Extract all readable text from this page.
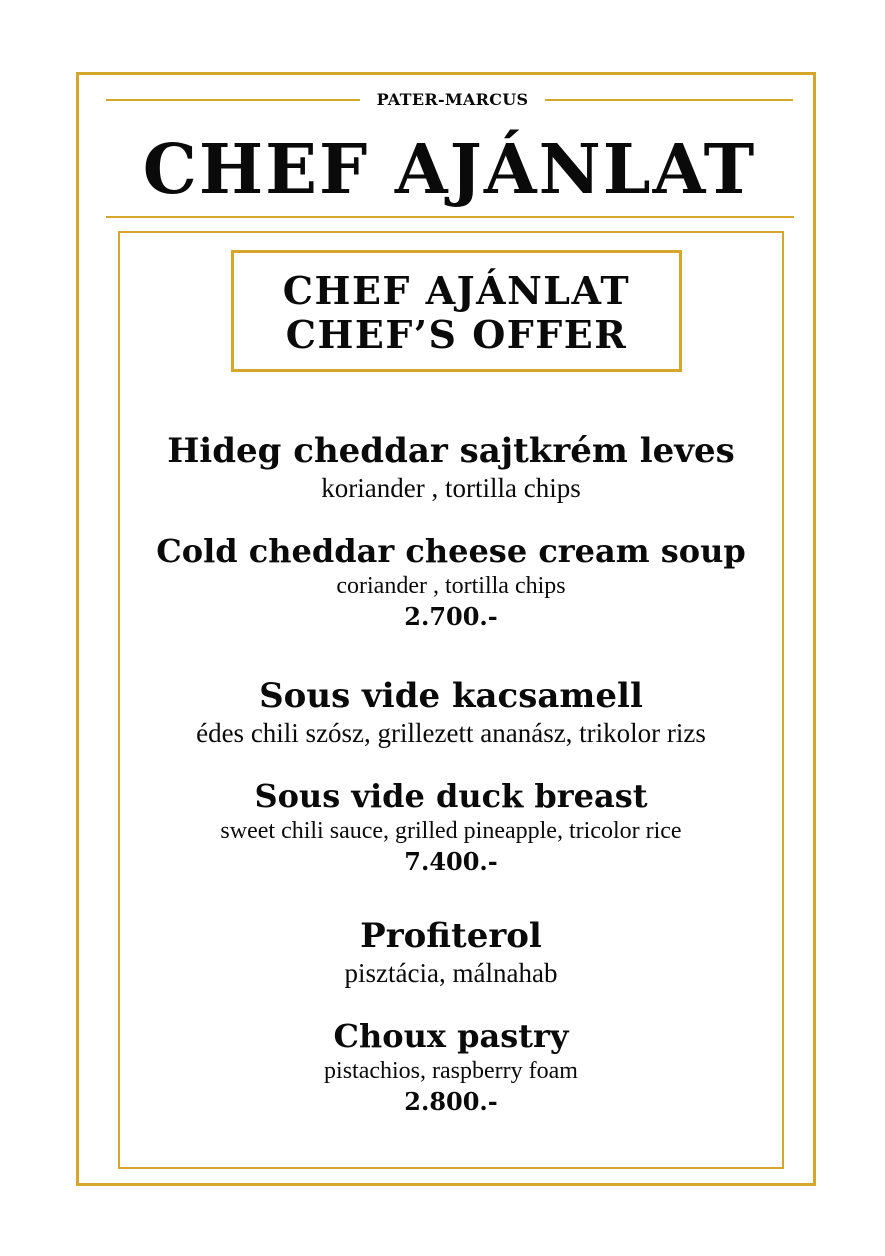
PATER-MARCUS
CHEF AJÁNLAT
CHEF AJÁNLAT
CHEF’S OFFER
Hideg cheddar sajtkrém leves
koriander , tortilla chips
Cold cheddar cheese cream soup
coriander , tortilla chips
2.700.-
Sous vide kacsamell
édes chili szósz, grillezett ananász, trikolor rizs
Sous vide duck breast
sweet chili sauce, grilled pineapple, tricolor rice
7.400.-
Profiterol
pisztácia, málnahab
Choux pastry
pistachios, raspberry foam
2.800.-
